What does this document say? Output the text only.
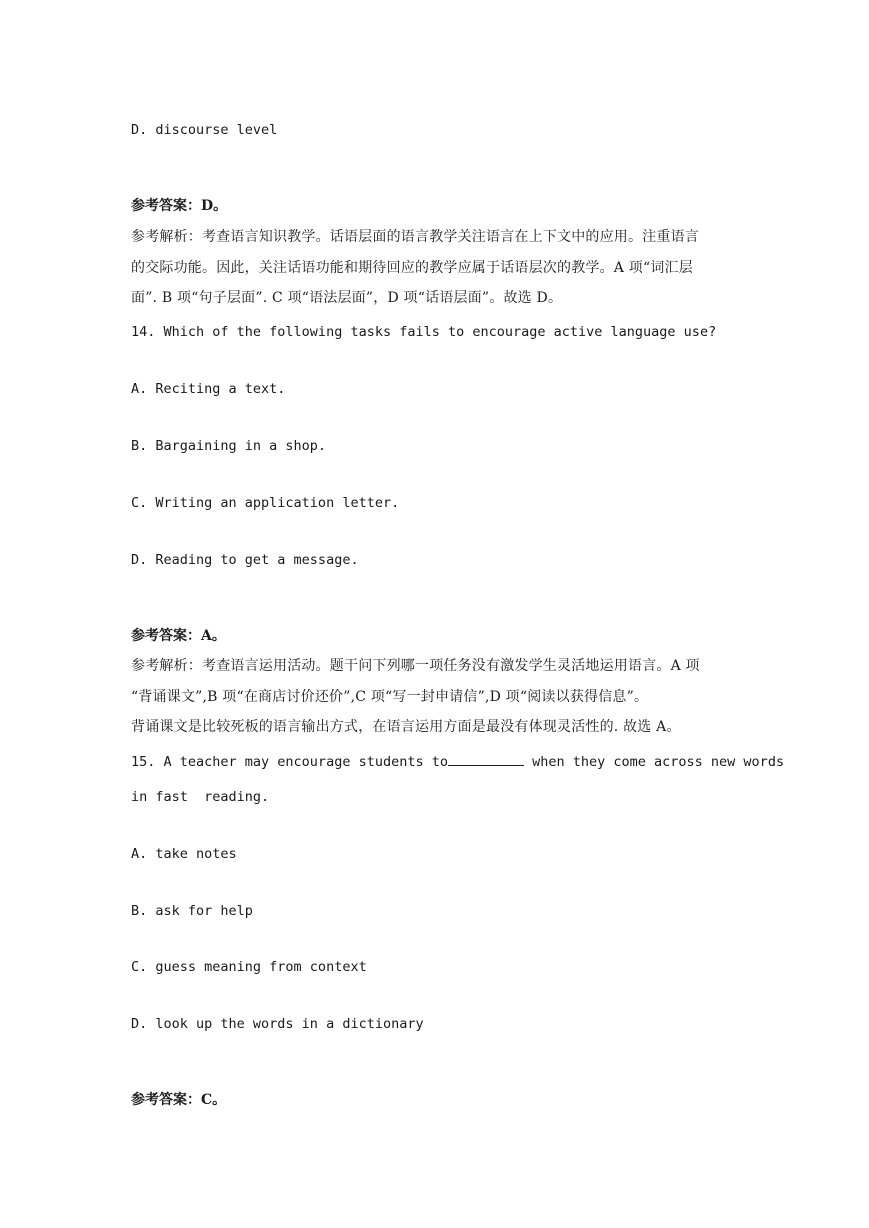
D. discourse level
参考答案：D。
参考解析：考查语言知识教学。话语层面的语言教学关注语言在上下文中的应用。注重语言
的交际功能。因此，关注话语功能和期待回应的教学应属于话语层次的教学。A 项“词汇层
面”. B 项“句子层面”. C 项“语法层面”，D 项“话语层面”。故选 D。
14. Which of the following tasks fails to encourage active language use?
A. Reciting a text.
B. Bargaining in a shop.
C. Writing an application letter.
D. Reading to get a message.
参考答案：A。
参考解析：考查语言运用活动。题干问下列哪一项任务没有激发学生灵活地运用语言。A 项
“背诵课文”,B 项“在商店讨价还价”,C 项“写一封申请信”,D 项“阅读以获得信息”。
背诵课文是比较死板的语言输出方式，在语言运用方面是最没有体现灵活性的. 故选 A。
15. A teacher may encourage students to	when they come across new words
in fast  reading.
A. take notes
B. ask for help
C. guess meaning from context
D. look up the words in a dictionary
参考答案：C。
